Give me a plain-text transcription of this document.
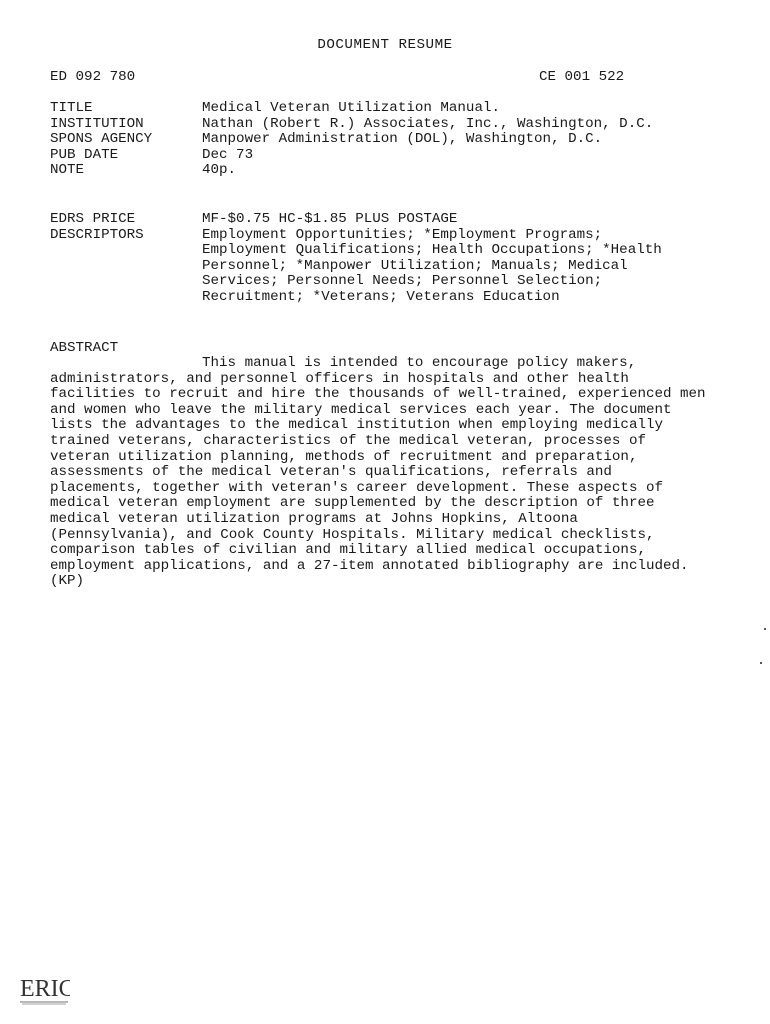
DOCUMENT RESUME
ED 092 780	CE 001 522
TITLE	Medical Veteran Utilization Manual.
INSTITUTION	Nathan (Robert R.) Associates, Inc., Washington, D.C.
SPONS AGENCY	Manpower Administration (DOL), Washington, D.C.
PUB DATE	Dec 73
NOTE	40p.
EDRS PRICE	MF-$0.75 HC-$1.85 PLUS POSTAGE
DESCRIPTORS	Employment Opportunities; *Employment Programs; Employment Qualifications; Health Occupations; *Health Personnel; *Manpower Utilization; Manuals; Medical Services; Personnel Needs; Personnel Selection; Recruitment; *Veterans; Veterans Education
ABSTRACT
This manual is intended to encourage policy makers, administrators, and personnel officers in hospitals and other health facilities to recruit and hire the thousands of well-trained, experienced men and women who leave the military medical services each year. The document lists the advantages to the medical institution when employing medically trained veterans, characteristics of the medical veteran, processes of veteran utilization planning, methods of recruitment and preparation, assessments of the medical veteran's qualifications, referrals and placements, together with veteran's career development. These aspects of medical veteran employment are supplemented by the description of three medical veteran utilization programs at Johns Hopkins, Altoona (Pennsylvania), and Cook County Hospitals. Military medical checklists, comparison tables of civilian and military allied medical occupations, employment applications, and a 27-item annotated bibliography are included. (KP)
ERIC
